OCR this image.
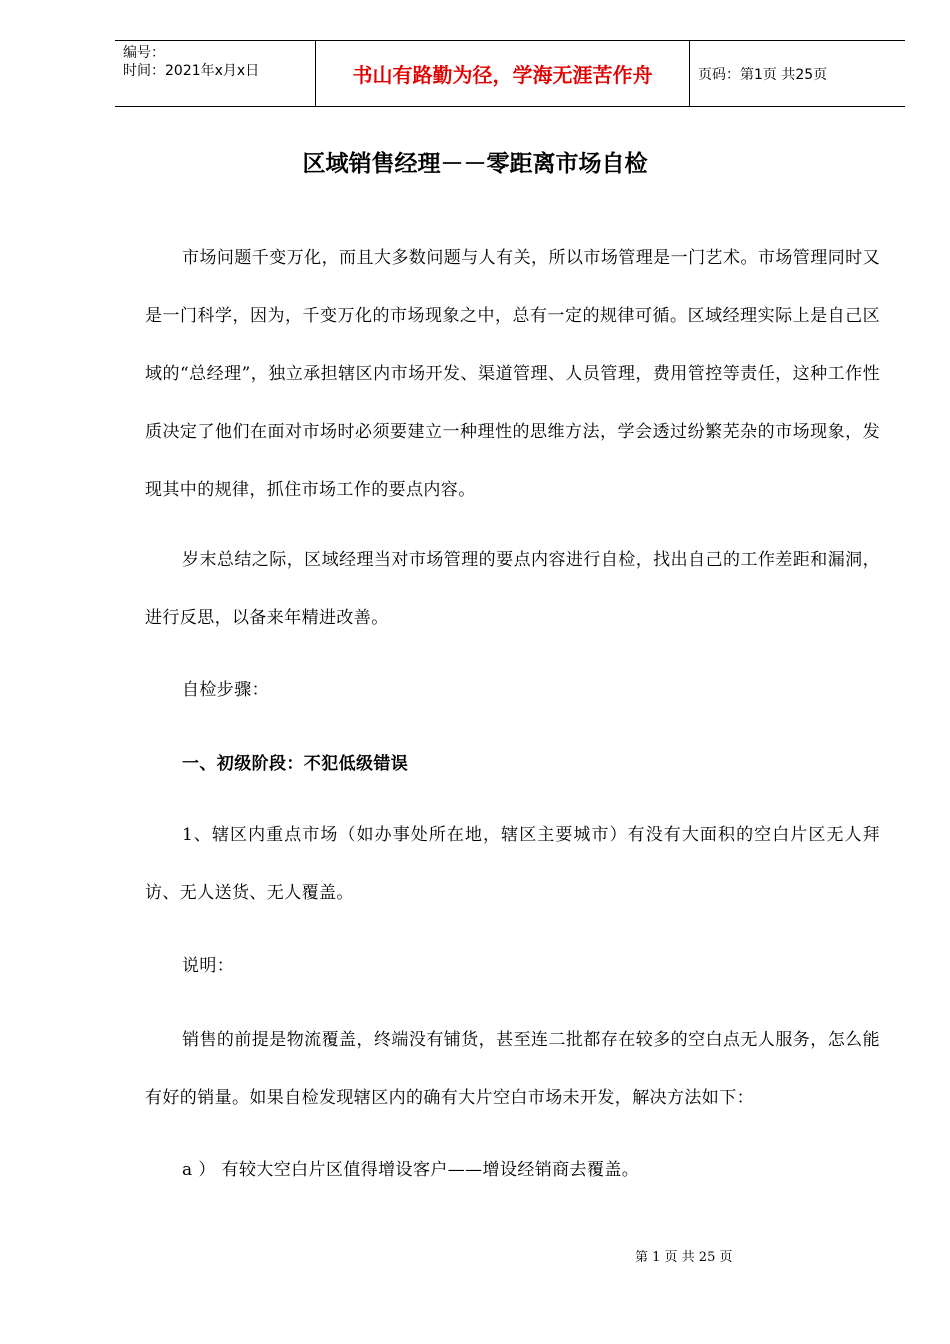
编号：
时间：2021年x月x日	书山有路勤为径，学海无涯苦作舟	页码：第1页 共25页
区域销售经理－－零距离市场自检

市场问题千变万化，而且大多数问题与人有关，所以市场管理是一门艺术。市场管理同时又是一门科学，因为，千变万化的市场现象之中，总有一定的规律可循。区域经理实际上是自己区域的“总经理”，独立承担辖区内市场开发、渠道管理、人员管理，费用管控等责任，这种工作性质决定了他们在面对市场时必须要建立一种理性的思维方法，学会透过纷繁芜杂的市场现象，发现其中的规律，抓住市场工作的要点内容。

岁末总结之际，区域经理当对市场管理的要点内容进行自检，找出自己的工作差距和漏洞，进行反思，以备来年精进改善。

自检步骤：

一、初级阶段：不犯低级错误

1、辖区内重点市场（如办事处所在地，辖区主要城市）有没有大面积的空白片区无人拜访、无人送货、无人覆盖。

说明：

销售的前提是物流覆盖，终端没有铺货，甚至连二批都存在较多的空白点无人服务，怎么能有好的销量。如果自检发现辖区内的确有大片空白市场未开发，解决方法如下：

a ） 有较大空白片区值得增设客户——增设经销商去覆盖。

第 1 页 共 25 页
